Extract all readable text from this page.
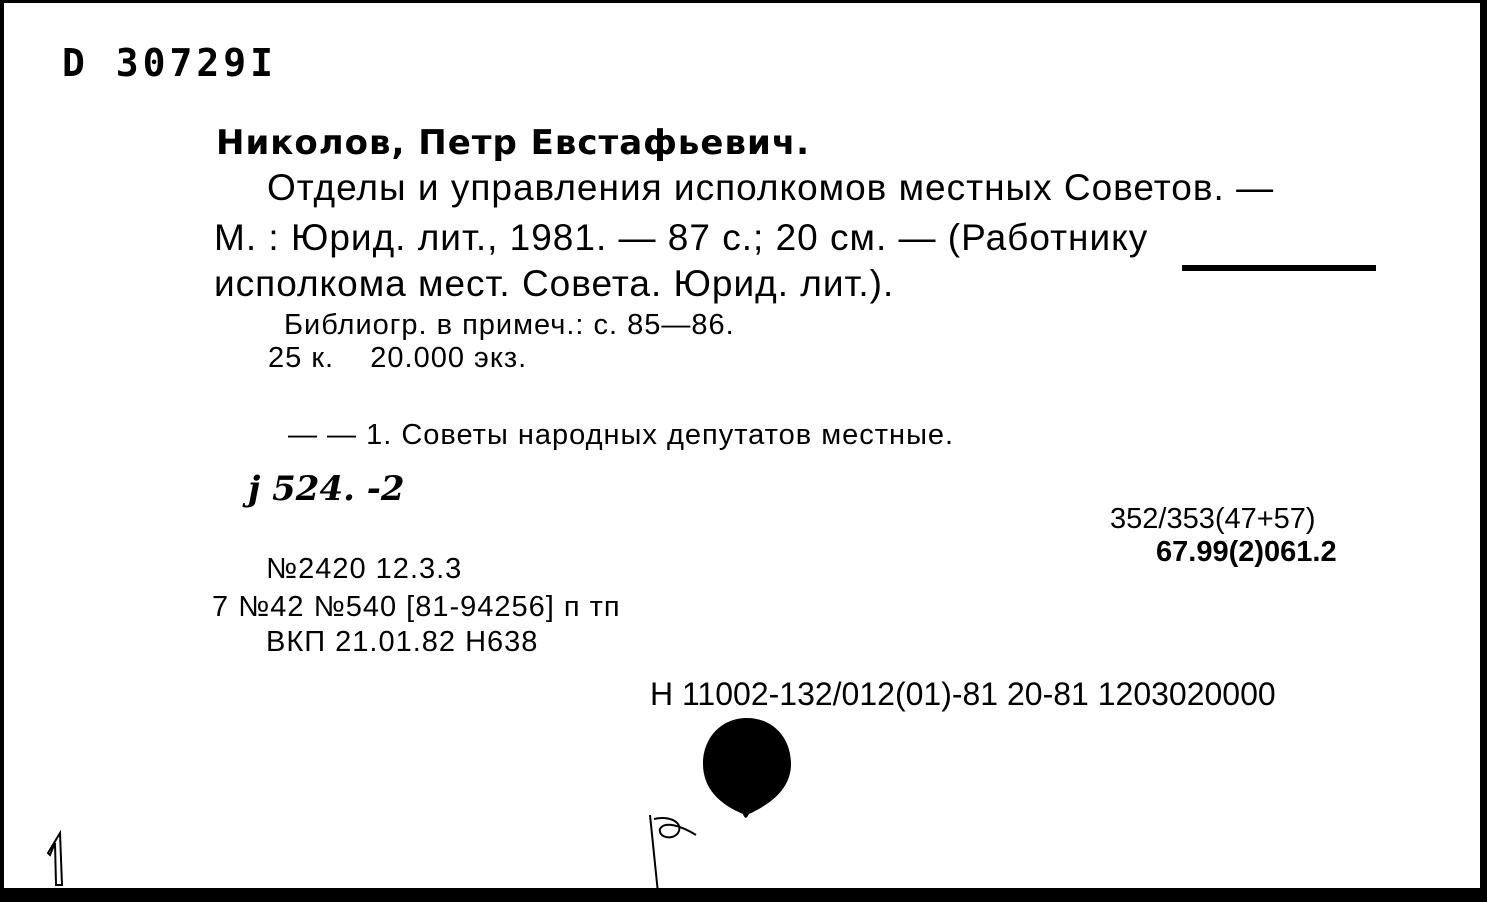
D 30729I
Николов, Петр Евстафьевич.
Отделы и управления исполкомов местных Советов. —
М. : Юрид. лит., 1981. — 87 с.; 20 см. — (Работнику
исполкома мест. Совета. Юрид. лит.).
Библиогр. в примеч.: с. 85—86.
25 к.    20.000 экз.
— — 1. Советы народных депутатов местные.
ј 524. -2
352/353(47+57)
67.99(2)061.2
№2420 12.3.3
7 №42 №540 [81-94256] п тп
ВКП 21.01.82 Н638
Н 11002-132/012(01)-81 20-81 1203020000
